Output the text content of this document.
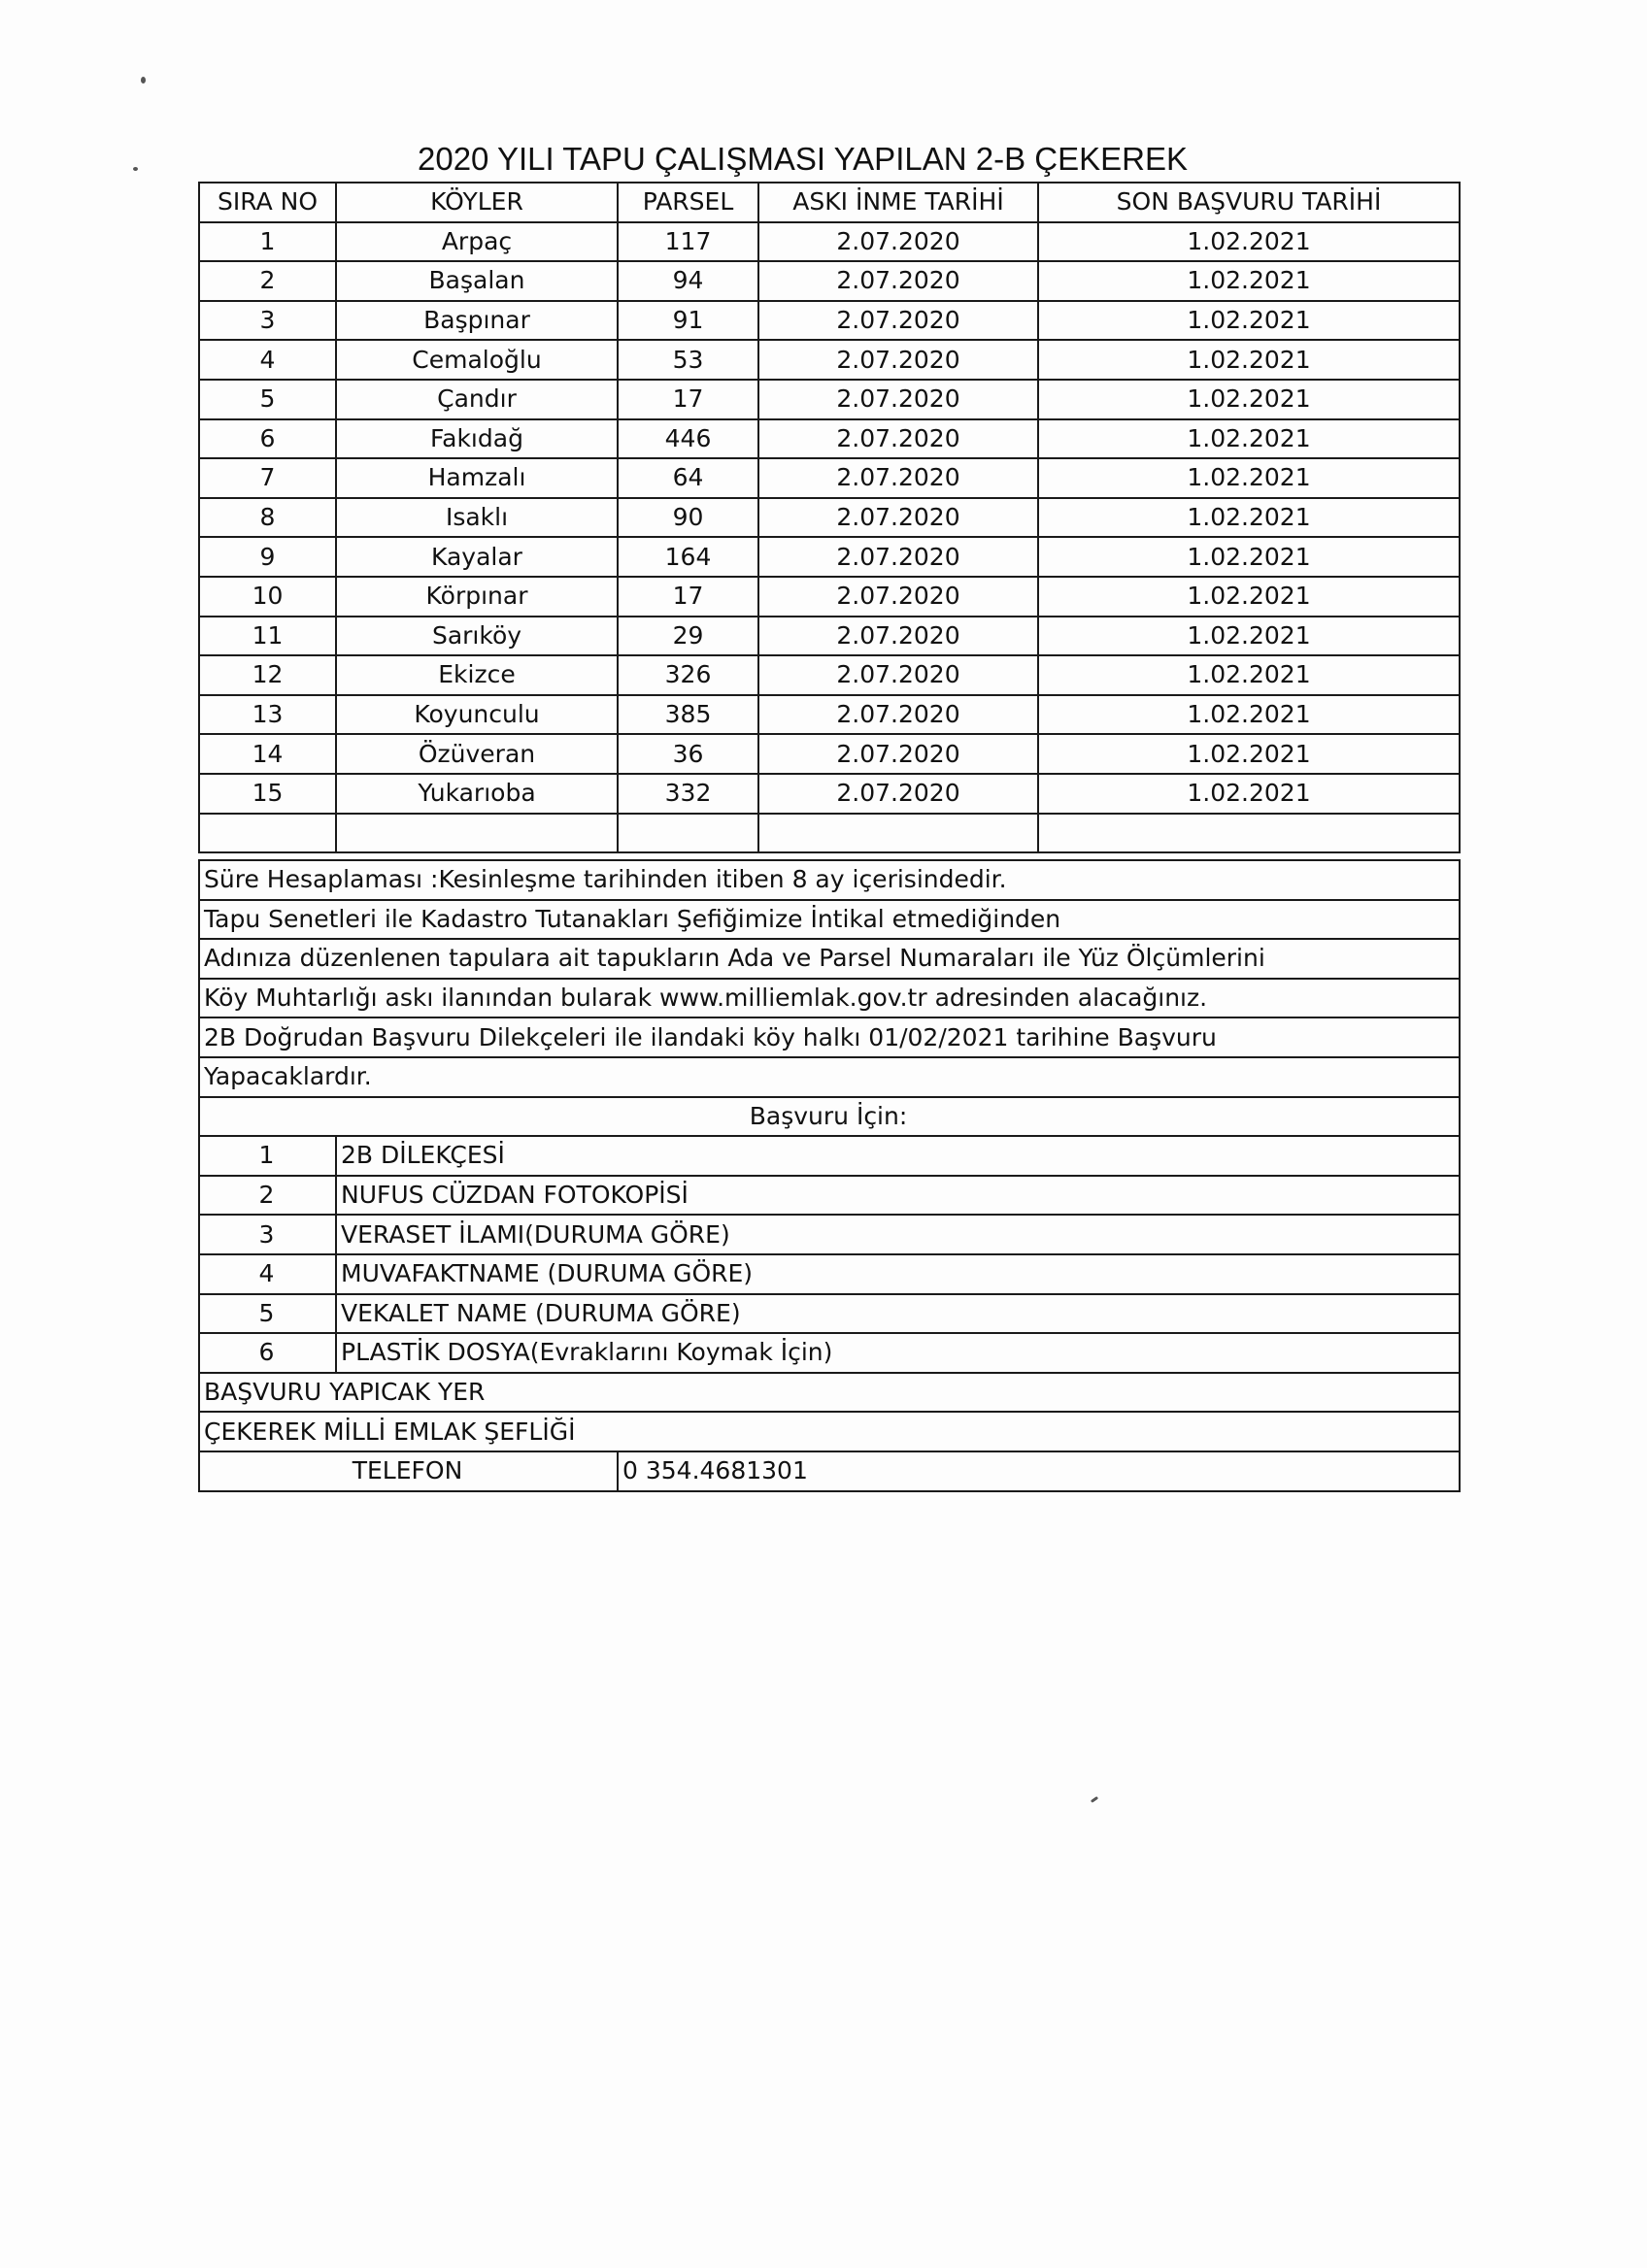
2020 YILI TAPU ÇALIŞMASI YAPILAN 2-B ÇEKEREK
SIRA NO	KÖYLER	PARSEL	ASKI İNME TARİHİ	SON BAŞVURU TARİHİ
1	Arpaç	117	2.07.2020	1.02.2021
2	Başalan	94	2.07.2020	1.02.2021
3	Başpınar	91	2.07.2020	1.02.2021
4	Cemaloğlu	53	2.07.2020	1.02.2021
5	Çandır	17	2.07.2020	1.02.2021
6	Fakıdağ	446	2.07.2020	1.02.2021
7	Hamzalı	64	2.07.2020	1.02.2021
8	Isaklı	90	2.07.2020	1.02.2021
9	Kayalar	164	2.07.2020	1.02.2021
10	Körpınar	17	2.07.2020	1.02.2021
11	Sarıköy	29	2.07.2020	1.02.2021
12	Ekizce	326	2.07.2020	1.02.2021
13	Koyunculu	385	2.07.2020	1.02.2021
14	Özüveran	36	2.07.2020	1.02.2021
15	Yukarıoba	332	2.07.2020	1.02.2021

Süre Hesaplaması :Kesinleşme tarihinden itiben 8 ay içerisindedir.		
Tapu Senetleri ile Kadastro Tutanakları Şefiğimize İntikal etmediğinden		
Adınıza düzenlenen tapulara ait tapukların Ada ve Parsel Numaraları ile Yüz Ölçümlerini		
Köy Muhtarlığı askı ilanından bularak www.milliemlak.gov.tr adresinden alacağınız.		
2B Doğrudan Başvuru Dilekçeleri ile ilandaki köy halkı 01/02/2021 tarihine Başvuru		
Yapacaklardır.		
Başvuru İçin:		
1	2B DİLEKÇESİ	
2	NUFUS CÜZDAN FOTOKOPİSİ	
3	VERASET İLAMI(DURUMA GÖRE)	
4	MUVAFAKTNAME (DURUMA GÖRE)	
5	VEKALET NAME (DURUMA GÖRE)	
6	PLASTİK DOSYA(Evraklarını Koymak İçin)	
BAŞVURU YAPICAK YER		
ÇEKEREK MİLLİ EMLAK ŞEFLİĞİ		
TELEFON		0 354.4681301
